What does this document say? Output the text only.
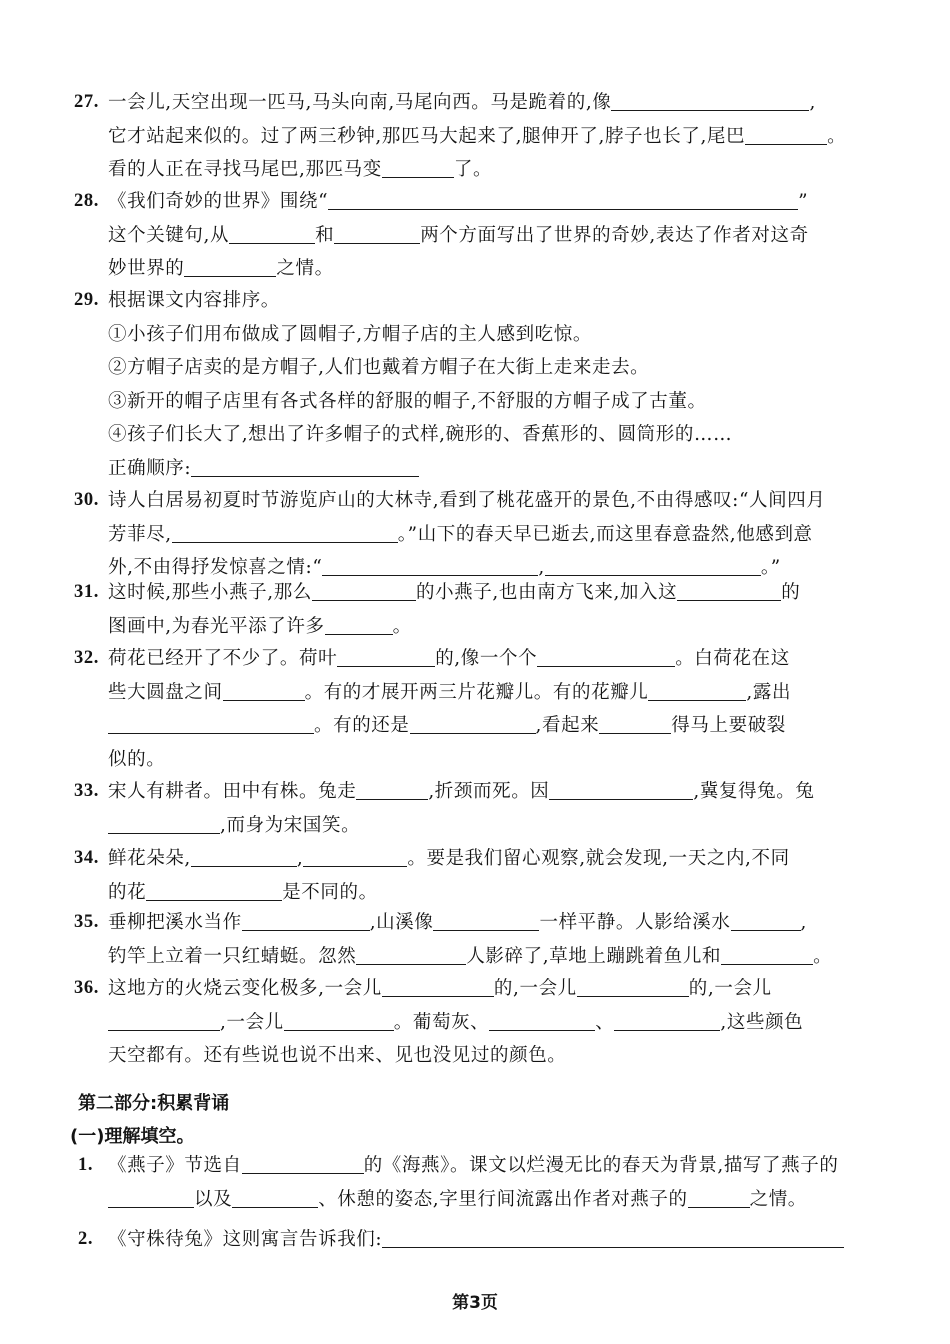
27. 一会儿,天空出现一匹马,马头向南,马尾向西。马是跪着的,像	,
它才站起来似的。过了两三秒钟,那匹马大起来了,腿伸开了,脖子也长了,尾巴	。
看的人正在寻找马尾巴,那匹马变	了。
28. 《我们奇妙的世界》围绕“	”
这个关键句,从	和	两个方面写出了世界的奇妙,表达了作者对这奇
妙世界的	之情。
29. 根据课文内容排序。
①小孩子们用布做成了圆帽子,方帽子店的主人感到吃惊。
②方帽子店卖的是方帽子,人们也戴着方帽子在大街上走来走去。
③新开的帽子店里有各式各样的舒服的帽子,不舒服的方帽子成了古董。
④孩子们长大了,想出了许多帽子的式样,碗形的、香蕉形的、圆筒形的……
正确顺序:
30. 诗人白居易初夏时节游览庐山的大林寺,看到了桃花盛开的景色,不由得感叹:“人间四月
芳菲尽,	。”山下的春天早已逝去,而这里春意盎然,他感到意
外,不由得抒发惊喜之情:“	,	。”
31. 这时候,那些小燕子,那么	的小燕子,也由南方飞来,加入这	的
图画中,为春光平添了许多	。
32. 荷花已经开了不少了。荷叶	的,像一个个	。白荷花在这
些大圆盘之间	。有的才展开两三片花瓣儿。有的花瓣儿	,露出
。有的还是	,看起来	得马上要破裂
似的。
33. 宋人有耕者。田中有株。兔走	,折颈而死。因	,冀复得兔。兔
,而身为宋国笑。
34. 鲜花朵朵,	,	。要是我们留心观察,就会发现,一天之内,不同
的花	是不同的。
35. 垂柳把溪水当作	,山溪像	一样平静。人影给溪水	,
钓竿上立着一只红蜻蜓。忽然	人影碎了,草地上蹦跳着鱼儿和	。
36. 这地方的火烧云变化极多,一会儿	的,一会儿	的,一会儿
,一会儿	。葡萄灰、	、	,这些颜色
天空都有。还有些说也说不出来、见也没见过的颜色。
第二部分:积累背诵
(一)理解填空。
1. 《燕子》节选自	的《海燕》。课文以烂漫无比的春天为背景,描写了燕子的
以及	、休憩的姿态,字里行间流露出作者对燕子的	之情。
2. 《守株待兔》这则寓言告诉我们:
第3页
